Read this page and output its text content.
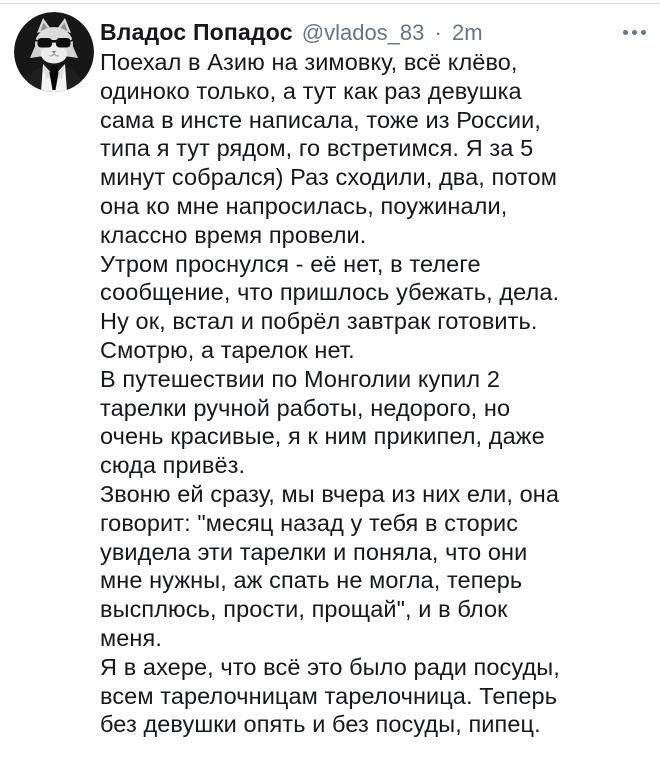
Владос Попадос @vlados_83 · 2m
Поехал в Азию на зимовку, всё клёво,
одиноко только, а тут как раз девушка
сама в инсте написала, тоже из России,
типа я тут рядом, го встретимся. Я за 5
минут собрался) Раз сходили, два, потом
она ко мне напросилась, поужинали,
классно время провели.
Утром проснулся - её нет, в телеге
сообщение, что пришлось убежать, дела.
Ну ок, встал и побрёл завтрак готовить.
Смотрю, а тарелок нет.
В путешествии по Монголии купил 2
тарелки ручной работы, недорого, но
очень красивые, я к ним прикипел, даже
сюда привёз.
Звоню ей сразу, мы вчера из них ели, она
говорит: "месяц назад у тебя в сторис
увидела эти тарелки и поняла, что они
мне нужны, аж спать не могла, теперь
высплюсь, прости, прощай", и в блок
меня.
Я в ахере, что всё это было ради посуды,
всем тарелочницам тарелочница. Теперь
без девушки опять и без посуды, пипец.
